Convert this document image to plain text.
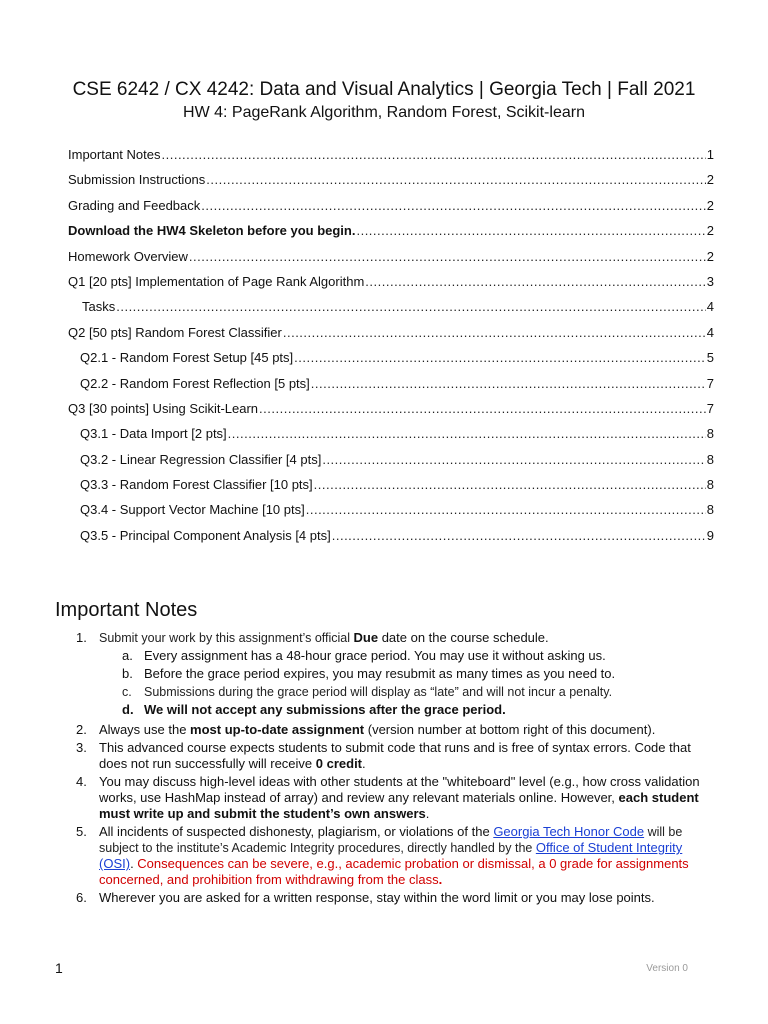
CSE 6242 / CX 4242: Data and Visual Analytics | Georgia Tech | Fall 2021
HW 4: PageRank Algorithm, Random Forest, Scikit-learn
Important Notes .....	1
Submission Instructions .....	2
Grading and Feedback .....	2
Download the HW4 Skeleton before you begin. .....	2
Homework Overview .....	2
Q1 [20 pts] Implementation of Page Rank Algorithm .....	3
Tasks .....	4
Q2 [50 pts] Random Forest Classifier .....	4
Q2.1 - Random Forest Setup [45 pts] .....	5
Q2.2 - Random Forest Reflection [5 pts] .....	7
Q3 [30 points] Using Scikit-Learn .....	7
Q3.1 - Data Import [2 pts] .....	8
Q3.2 - Linear Regression Classifier [4 pts] .....	8
Q3.3 - Random Forest Classifier [10 pts] .....	8
Q3.4 - Support Vector Machine [10 pts] .....	8
Q3.5 - Principal Component Analysis [4 pts] .....	9
Important Notes
1. Submit your work by this assignment’s official Due date on the course schedule.
a. Every assignment has a 48-hour grace period. You may use it without asking us.
b. Before the grace period expires, you may resubmit as many times as you need to.
c. Submissions during the grace period will display as “late” and will not incur a penalty.
d. We will not accept any submissions after the grace period.
2. Always use the most up-to-date assignment (version number at bottom right of this document).
3. This advanced course expects students to submit code that runs and is free of syntax errors. Code that does not run successfully will receive 0 credit.
4. You may discuss high-level ideas with other students at the "whiteboard" level (e.g., how cross validation works, use HashMap instead of array) and review any relevant materials online. However, each student must write up and submit the student’s own answers.
5. All incidents of suspected dishonesty, plagiarism, or violations of the Georgia Tech Honor Code will be subject to the institute’s Academic Integrity procedures, directly handled by the Office of Student Integrity (OSI). Consequences can be severe, e.g., academic probation or dismissal, a 0 grade for assignments concerned, and prohibition from withdrawing from the class.
6. Wherever you are asked for a written response, stay within the word limit or you may lose points.
1	Version 0
